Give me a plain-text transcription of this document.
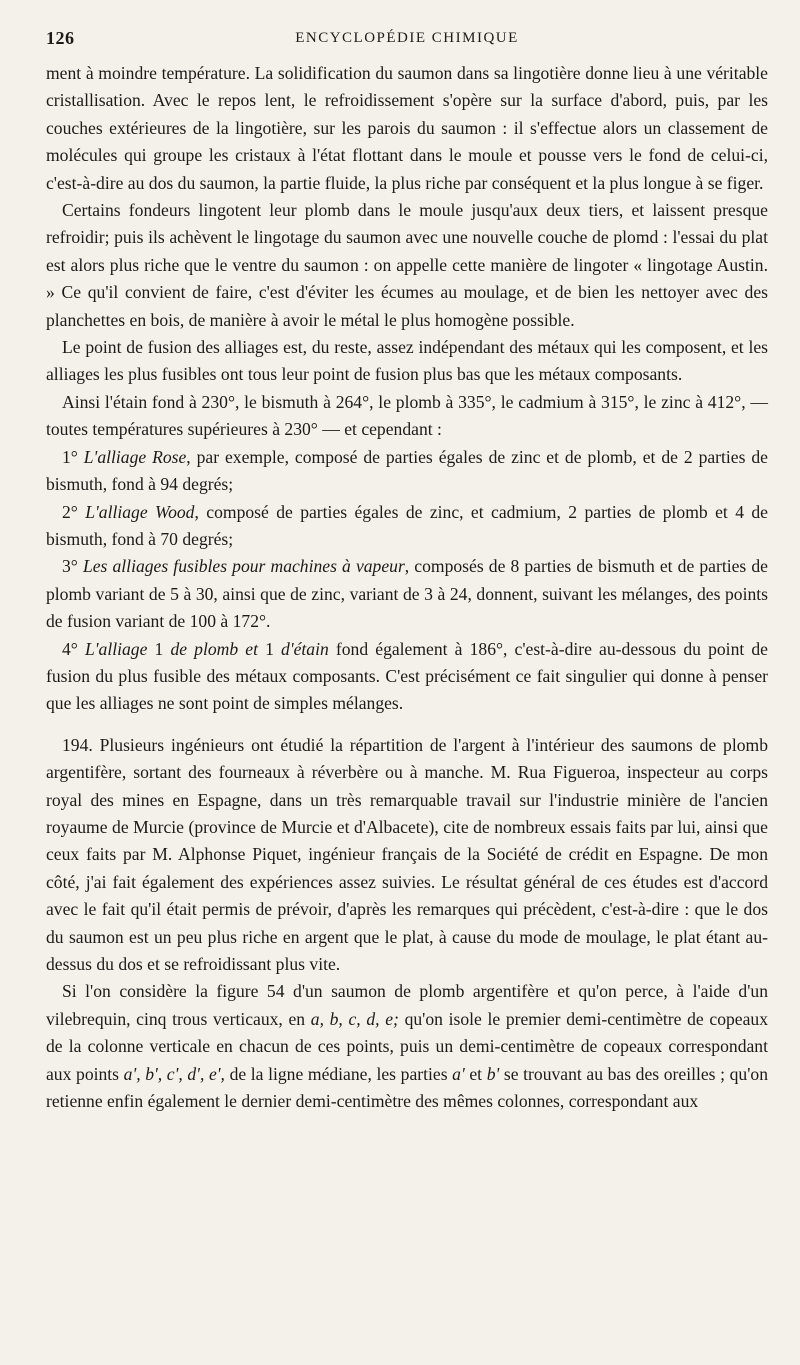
126	ENCYCLOPÉDIE CHIMIQUE

ment à moindre température. La solidification du saumon dans sa lingotière donne lieu à une véritable cristallisation. Avec le repos lent, le refroidissement s'opère sur la surface d'abord, puis, par les couches extérieures de la lingotière, sur les parois du saumon : il s'effectue alors un classement de molécules qui groupe les cristaux à l'état flottant dans le moule et pousse vers le fond de celui-ci, c'est-à-dire au dos du saumon, la partie fluide, la plus riche par conséquent et la plus longue à se figer.

Certains fondeurs lingotent leur plomb dans le moule jusqu'aux deux tiers, et laissent presque refroidir; puis ils achèvent le lingotage du saumon avec une nouvelle couche de plomd : l'essai du plat est alors plus riche que le ventre du saumon : on appelle cette manière de lingoter « lingotage Austin. » Ce qu'il convient de faire, c'est d'éviter les écumes au moulage, et de bien les nettoyer avec des planchettes en bois, de manière à avoir le métal le plus homogène possible.

Le point de fusion des alliages est, du reste, assez indépendant des métaux qui les composent, et les alliages les plus fusibles ont tous leur point de fusion plus bas que les métaux composants.

Ainsi l'étain fond à 230°, le bismuth à 264°, le plomb à 335°, le cadmium à 315°, le zinc à 412°, — toutes températures supérieures à 230° — et cependant :

1° L'alliage Rose, par exemple, composé de parties égales de zinc et de plomb, et de 2 parties de bismuth, fond à 94 degrés;

2° L'alliage Wood, composé de parties égales de zinc, et cadmium, 2 parties de plomb et 4 de bismuth, fond à 70 degrés;

3° Les alliages fusibles pour machines à vapeur, composés de 8 parties de bismuth et de parties de plomb variant de 5 à 30, ainsi que de zinc, variant de 3 à 24, donnent, suivant les mélanges, des points de fusion variant de 100 à 172°.

4° L'alliage 1 de plomb et 1 d'étain fond également à 186°, c'est-à-dire au-dessous du point de fusion du plus fusible des métaux composants. C'est précisément ce fait singulier qui donne à penser que les alliages ne sont point de simples mélanges.

194. Plusieurs ingénieurs ont étudié la répartition de l'argent à l'intérieur des saumons de plomb argentifère, sortant des fourneaux à réverbère ou à manche. M. Rua Figueroa, inspecteur au corps royal des mines en Espagne, dans un très remarquable travail sur l'industrie minière de l'ancien royaume de Murcie (province de Murcie et d'Albacete), cite de nombreux essais faits par lui, ainsi que ceux faits par M. Alphonse Piquet, ingénieur français de la Société de crédit en Espagne. De mon côté, j'ai fait également des expériences assez suivies. Le résultat général de ces études est d'accord avec le fait qu'il était permis de prévoir, d'après les remarques qui précèdent, c'est-à-dire : que le dos du saumon est un peu plus riche en argent que le plat, à cause du mode de moulage, le plat étant au-dessus du dos et se refroidissant plus vite.

Si l'on considère la figure 54 d'un saumon de plomb argentifère et qu'on perce, à l'aide d'un vilebrequin, cinq trous verticaux, en a, b, c, d, e; qu'on isole le premier demi-centimètre de copeaux de la colonne verticale en chacun de ces points, puis un demi-centimètre de copeaux correspondant aux points a', b', c', d', e', de la ligne médiane, les parties a' et b' se trouvant au bas des oreilles ; qu'on retienne enfin également le dernier demi-centimètre des mêmes colonnes, correspondant aux
